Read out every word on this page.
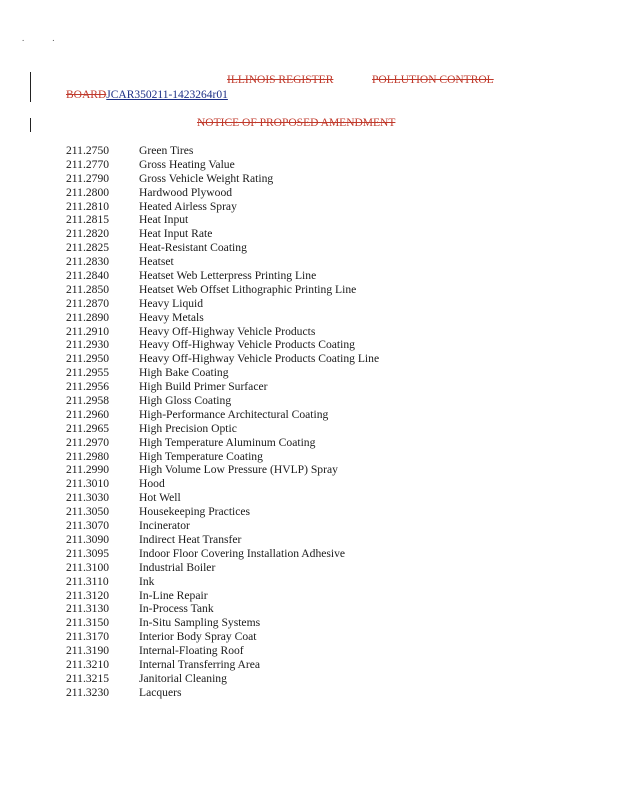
..
ILLINOIS REGISTER	POLLUTION CONTROL
BOARDJCAR350211-1423264r01
NOTICE OF PROPOSED AMENDMENT
211.2750	Green Tires
211.2770	Gross Heating Value
211.2790	Gross Vehicle Weight Rating
211.2800	Hardwood Plywood
211.2810	Heated Airless Spray
211.2815	Heat Input
211.2820	Heat Input Rate
211.2825	Heat-Resistant Coating
211.2830	Heatset
211.2840	Heatset Web Letterpress Printing Line
211.2850	Heatset Web Offset Lithographic Printing Line
211.2870	Heavy Liquid
211.2890	Heavy Metals
211.2910	Heavy Off-Highway Vehicle Products
211.2930	Heavy Off-Highway Vehicle Products Coating
211.2950	Heavy Off-Highway Vehicle Products Coating Line
211.2955	High Bake Coating
211.2956	High Build Primer Surfacer
211.2958	High Gloss Coating
211.2960	High-Performance Architectural Coating
211.2965	High Precision Optic
211.2970	High Temperature Aluminum Coating
211.2980	High Temperature Coating
211.2990	High Volume Low Pressure (HVLP) Spray
211.3010	Hood
211.3030	Hot Well
211.3050	Housekeeping Practices
211.3070	Incinerator
211.3090	Indirect Heat Transfer
211.3095	Indoor Floor Covering Installation Adhesive
211.3100	Industrial Boiler
211.3110	Ink
211.3120	In-Line Repair
211.3130	In-Process Tank
211.3150	In-Situ Sampling Systems
211.3170	Interior Body Spray Coat
211.3190	Internal-Floating Roof
211.3210	Internal Transferring Area
211.3215	Janitorial Cleaning
211.3230	Lacquers
